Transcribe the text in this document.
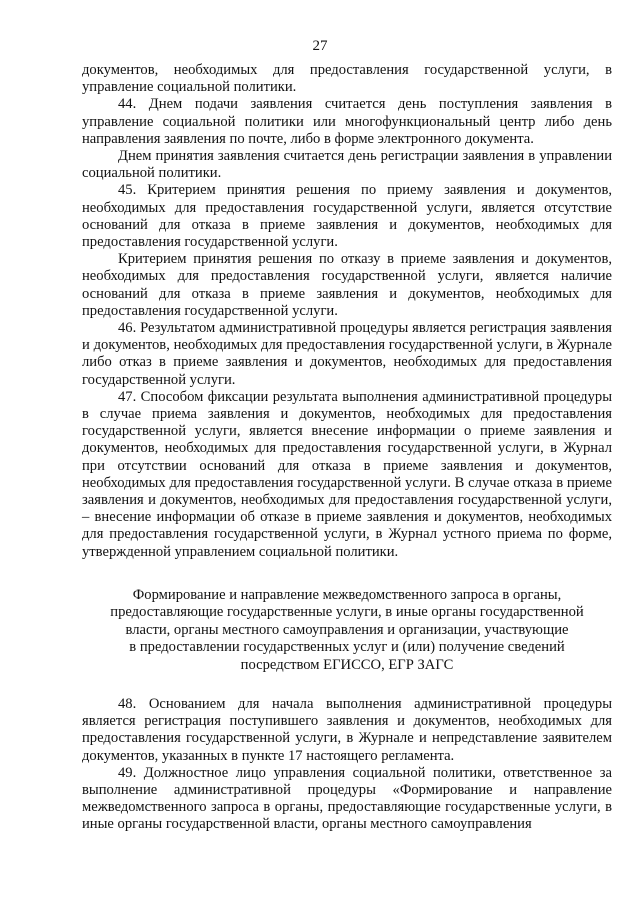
27

документов, необходимых для предоставления государственной услуги, в управление социальной политики.

44. Днем подачи заявления считается день поступления заявления в управление социальной политики или многофункциональный центр либо день направления заявления по почте, либо в форме электронного документа.

Днем принятия заявления считается день регистрации заявления в управлении социальной политики.

45. Критерием принятия решения по приему заявления и документов, необходимых для предоставления государственной услуги, является отсутствие оснований для отказа в приеме заявления и документов, необходимых для предоставления государственной услуги.

Критерием принятия решения по отказу в приеме заявления и документов, необходимых для предоставления государственной услуги, является наличие оснований для отказа в приеме заявления и документов, необходимых для предоставления государственной услуги.

46. Результатом административной процедуры является регистрация заявления и документов, необходимых для предоставления государственной услуги, в Журнале либо отказ в приеме заявления и документов, необходимых для предоставления государственной услуги.

47. Способом фиксации результата выполнения административной процедуры в случае приема заявления и документов, необходимых для предоставления государственной услуги, является внесение информации о приеме заявления и документов, необходимых для предоставления государственной услуги, в Журнал при отсутствии оснований для отказа в приеме заявления и документов, необходимых для предоставления государственной услуги. В случае отказа в приеме заявления и документов, необходимых для предоставления государственной услуги, – внесение информации об отказе в приеме заявления и документов, необходимых для предоставления государственной услуги, в Журнал устного приема по форме, утвержденной управлением социальной политики.

Формирование и направление межведомственного запроса в органы,
предоставляющие государственные услуги, в иные органы государственной
власти, органы местного самоуправления и организации, участвующие
в предоставлении государственных услуг и (или) получение сведений
посредством ЕГИССО, ЕГР ЗАГС

48. Основанием для начала выполнения административной процедуры является регистрация поступившего заявления и документов, необходимых для предоставления государственной услуги, в Журнале и непредставление заявителем документов, указанных в пункте 17 настоящего регламента.

49. Должностное лицо управления социальной политики, ответственное за выполнение административной процедуры «Формирование и направление межведомственного запроса в органы, предоставляющие государственные услуги, в иные органы государственной власти, органы местного самоуправления
